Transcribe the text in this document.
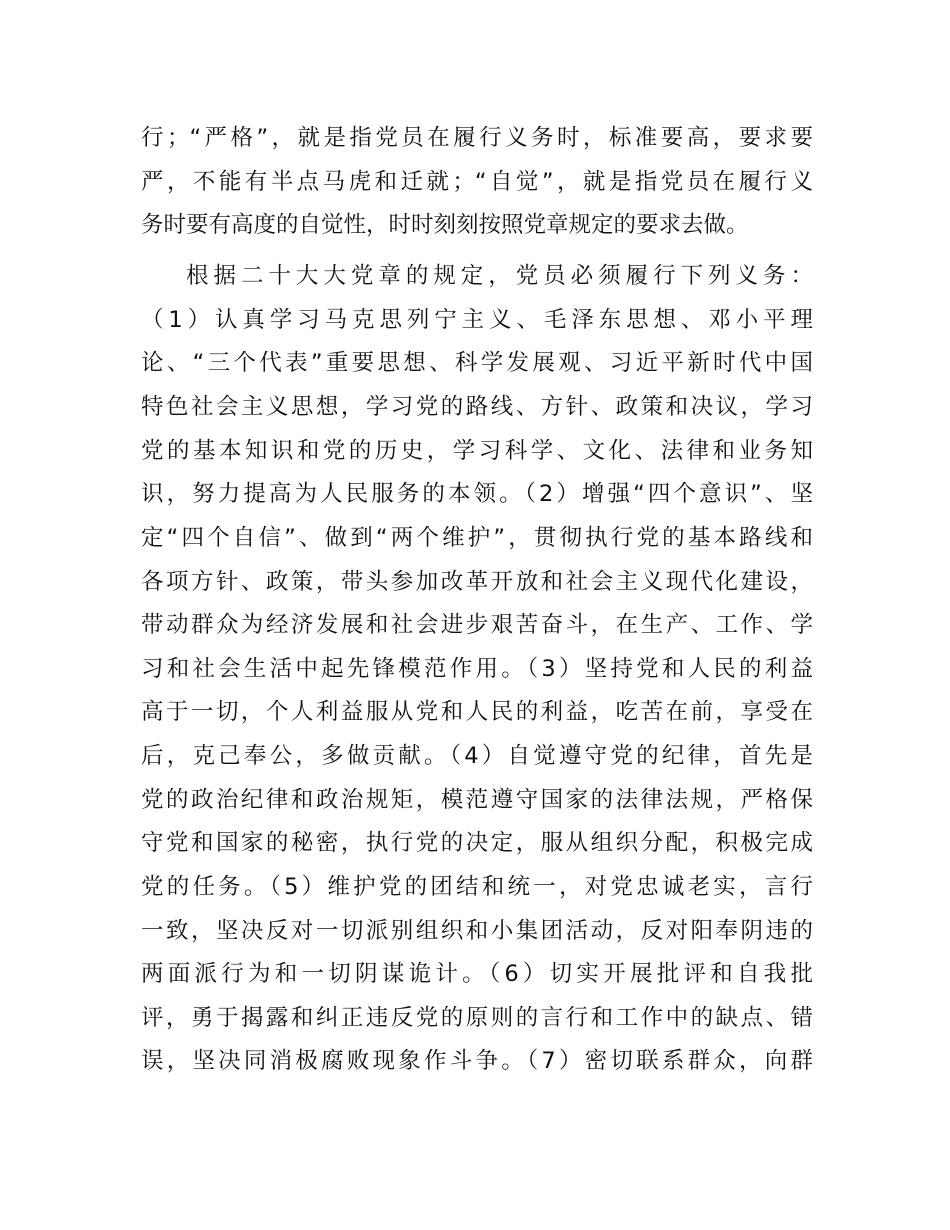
行；“严格”，就是指党员在履行义务时，标准要高，要求要
严，不能有半点马虎和迁就；“自觉”，就是指党员在履行义
务时要有高度的自觉性，时时刻刻按照党章规定的要求去做。
根据二十大大党章的规定，党员必须履行下列义务：
（1）认真学习马克思列宁主义、毛泽东思想、邓小平理
论、“三个代表”重要思想、科学发展观、习近平新时代中国
特色社会主义思想，学习党的路线、方针、政策和决议，学习
党的基本知识和党的历史，学习科学、文化、法律和业务知
识，努力提高为人民服务的本领。（2）增强“四个意识”、坚
定“四个自信”、做到“两个维护”，贯彻执行党的基本路线和
各项方针、政策，带头参加改革开放和社会主义现代化建设，
带动群众为经济发展和社会进步艰苦奋斗，在生产、工作、学
习和社会生活中起先锋模范作用。（3）坚持党和人民的利益
高于一切，个人利益服从党和人民的利益，吃苦在前，享受在
后，克己奉公，多做贡献。（4）自觉遵守党的纪律，首先是
党的政治纪律和政治规矩，模范遵守国家的法律法规，严格保
守党和国家的秘密，执行党的决定，服从组织分配，积极完成
党的任务。（5）维护党的团结和统一，对党忠诚老实，言行
一致，坚决反对一切派别组织和小集团活动，反对阳奉阴违的
两面派行为和一切阴谋诡计。（6）切实开展批评和自我批
评，勇于揭露和纠正违反党的原则的言行和工作中的缺点、错
误，坚决同消极腐败现象作斗争。（7）密切联系群众，向群
